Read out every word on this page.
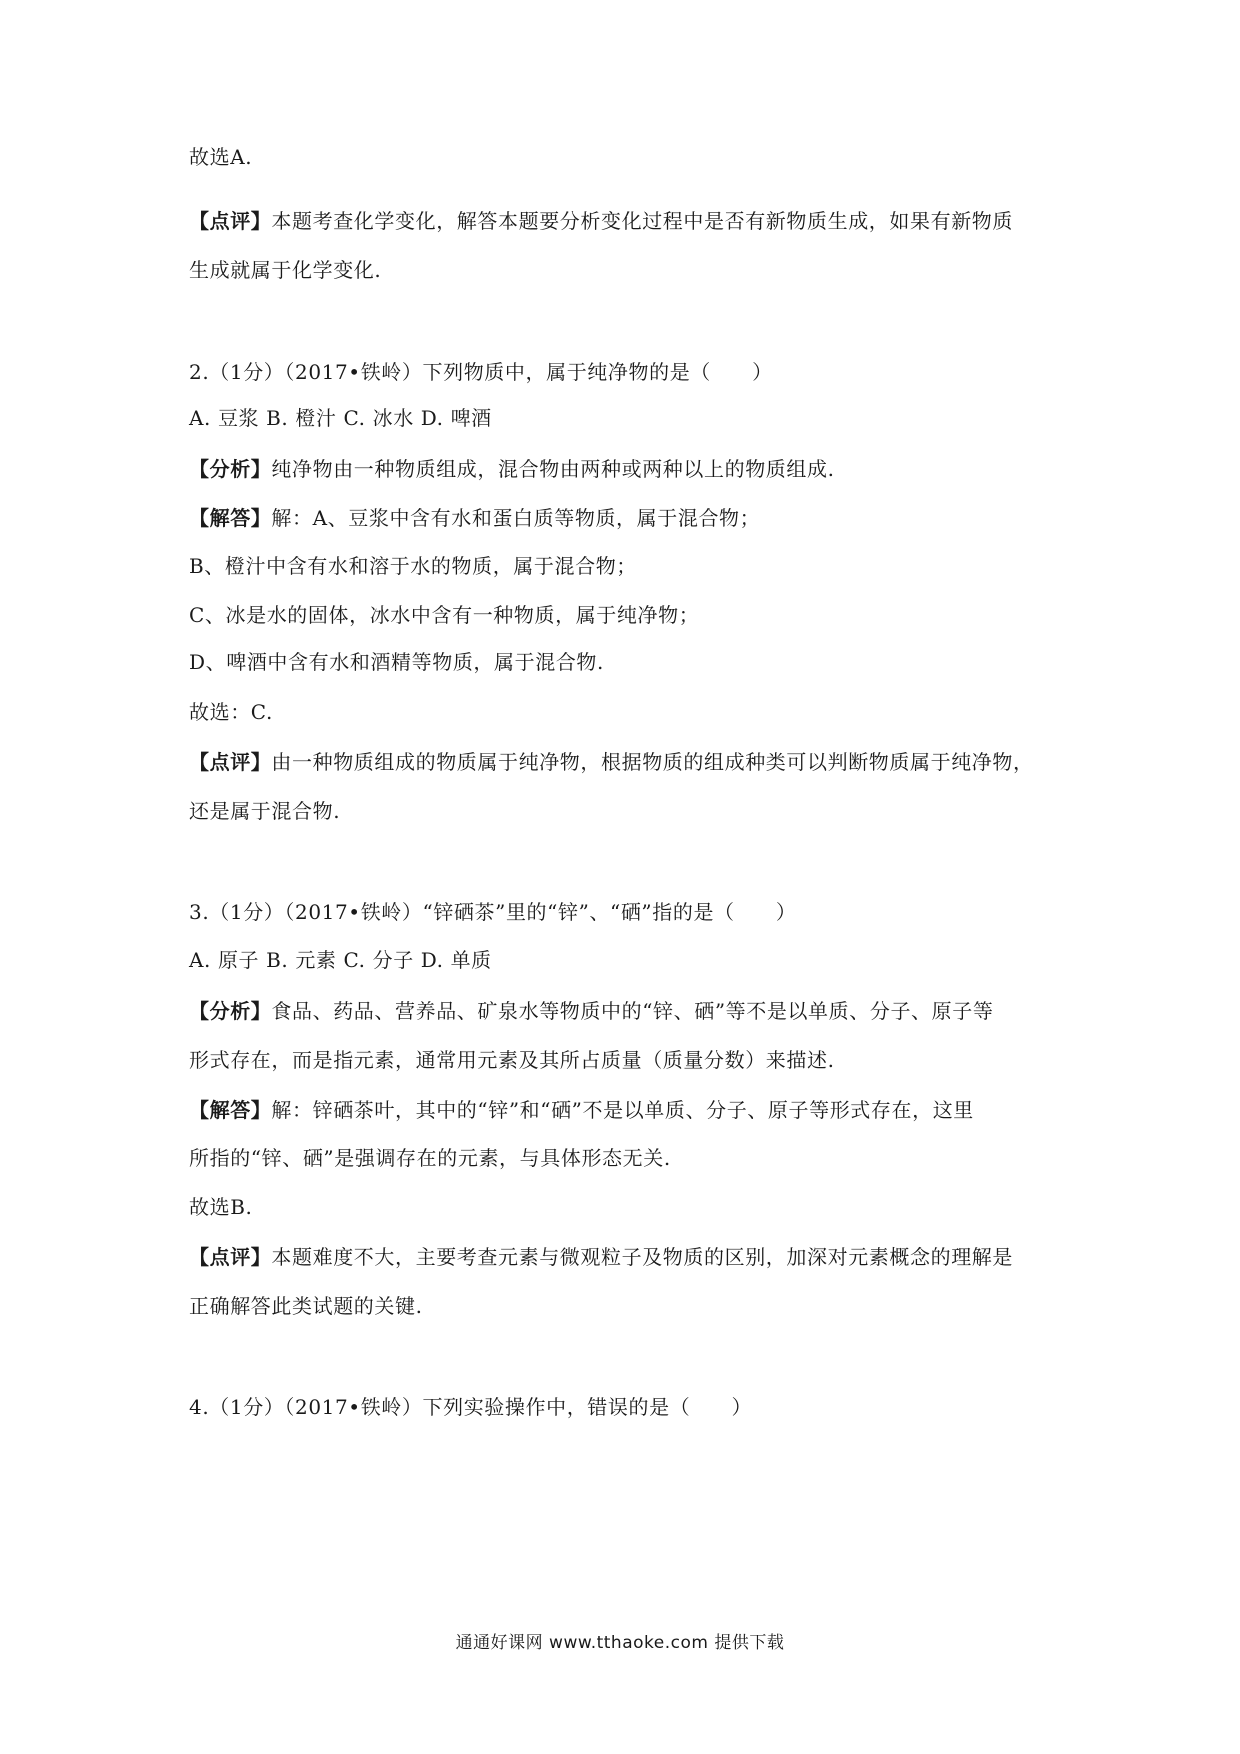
故选A.
【点评】本题考查化学变化，解答本题要分析变化过程中是否有新物质生成，如果有新物质
生成就属于化学变化.
2.（1分）（2017•铁岭）下列物质中，属于纯净物的是（　　）
A. 豆浆 B. 橙汁 C. 冰水 D. 啤酒
【分析】纯净物由一种物质组成，混合物由两种或两种以上的物质组成.
【解答】解：A、豆浆中含有水和蛋白质等物质，属于混合物；
B、橙汁中含有水和溶于水的物质，属于混合物；
C、冰是水的固体，冰水中含有一种物质，属于纯净物；
D、啤酒中含有水和酒精等物质，属于混合物.
故选：C.
【点评】由一种物质组成的物质属于纯净物，根据物质的组成种类可以判断物质属于纯净物，
还是属于混合物.
3.（1分）（2017•铁岭）“锌硒茶”里的“锌”、“硒”指的是（　　）
A. 原子 B. 元素 C. 分子 D. 单质
【分析】食品、药品、营养品、矿泉水等物质中的“锌、硒”等不是以单质、分子、原子等
形式存在，而是指元素，通常用元素及其所占质量（质量分数）来描述.
【解答】解：锌硒茶叶，其中的“锌”和“硒”不是以单质、分子、原子等形式存在，这里
所指的“锌、硒”是强调存在的元素，与具体形态无关.
故选B.
【点评】本题难度不大，主要考查元素与微观粒子及物质的区别，加深对元素概念的理解是
正确解答此类试题的关键.
4.（1分）（2017•铁岭）下列实验操作中，错误的是（　　）
通通好课网 www.tthaoke.com 提供下载
